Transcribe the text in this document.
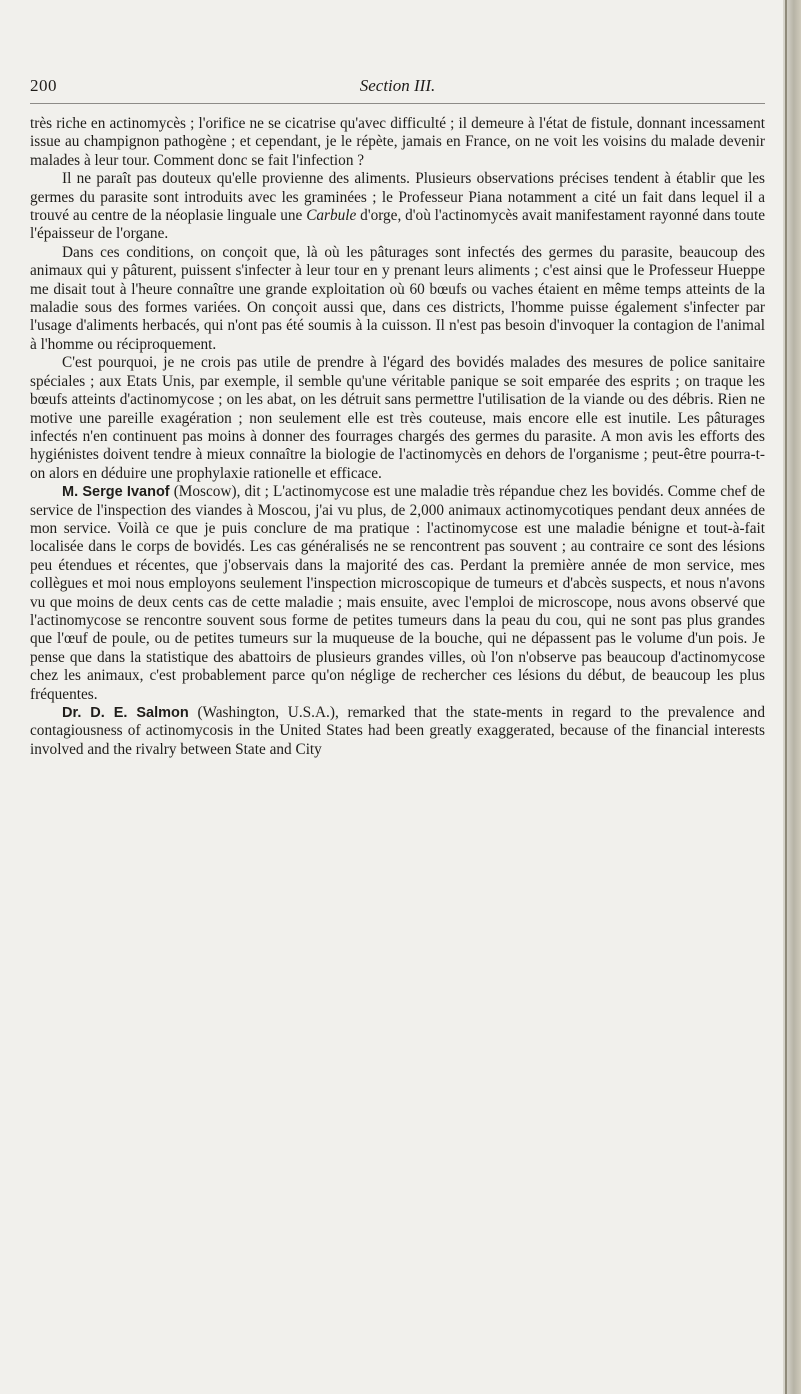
200	Section III.

très riche en actinomycès ; l'orifice ne se cicatrise qu'avec difficulté ; il demeure à l'état de fistule, donnant incessament issue au champignon pathogène ; et cependant, je le répète, jamais en France, on ne voit les voisins du malade devenir malades à leur tour. Comment donc se fait l'infection ?

Il ne paraît pas douteux qu'elle provienne des aliments. Plusieurs observations précises tendent à établir que les germes du parasite sont introduits avec les graminées ; le Professeur Piana notamment a cité un fait dans lequel il a trouvé au centre de la néoplasie linguale une Carbule d'orge, d'où l'actinomycès avait manifestament rayonné dans toute l'épaisseur de l'organe.

Dans ces conditions, on conçoit que, là où les pâturages sont infectés des germes du parasite, beaucoup des animaux qui y pâturent, puissent s'infecter à leur tour en y prenant leurs aliments ; c'est ainsi que le Professeur Hueppe me disait tout à l'heure connaître une grande exploitation où 60 bœufs ou vaches étaient en même temps atteints de la maladie sous des formes variées. On conçoit aussi que, dans ces districts, l'homme puisse également s'infecter par l'usage d'aliments herbacés, qui n'ont pas été soumis à la cuisson. Il n'est pas besoin d'invoquer la contagion de l'animal à l'homme ou réciproquement.

C'est pourquoi, je ne crois pas utile de prendre à l'égard des bovidés malades des mesures de police sanitaire spéciales ; aux Etats Unis, par exemple, il semble qu'une véritable panique se soit emparée des esprits ; on traque les bœufs atteints d'actinomycose ; on les abat, on les détruit sans permettre l'utilisation de la viande ou des débris. Rien ne motive une pareille exagération ; non seulement elle est très couteuse, mais encore elle est inutile. Les pâturages infectés n'en continuent pas moins à donner des fourrages chargés des germes du parasite. A mon avis les efforts des hygiénistes doivent tendre à mieux connaître la biologie de l'actinomycès en dehors de l'organisme ; peut-être pourra-t-on alors en déduire une prophylaxie rationelle et efficace.

M. Serge Ivanof (Moscow), dit ; L'actinomycose est une maladie très répandue chez les bovidés. Comme chef de service de l'inspection des viandes à Moscou, j'ai vu plus, de 2,000 animaux actinomycotiques pendant deux années de mon service. Voilà ce que je puis conclure de ma pratique : l'actinomycose est une maladie bénigne et tout-à-fait localisée dans le corps de bovidés. Les cas généralisés ne se rencontrent pas souvent ; au contraire ce sont des lésions peu étendues et récentes, que j'observais dans la majorité des cas. Perdant la première année de mon service, mes collègues et moi nous employons seulement l'inspection microscopique de tumeurs et d'abcès suspects, et nous n'avons vu que moins de deux cents cas de cette maladie ; mais ensuite, avec l'emploi de microscope, nous avons observé que l'actinomycose se rencontre souvent sous forme de petites tumeurs dans la peau du cou, qui ne sont pas plus grandes que l'œuf de poule, ou de petites tumeurs sur la muqueuse de la bouche, qui ne dépassent pas le volume d'un pois. Je pense que dans la statistique des abattoirs de plusieurs grandes villes, où l'on n'observe pas beaucoup d'actinomycose chez les animaux, c'est probablement parce qu'on néglige de rechercher ces lésions du début, de beaucoup les plus fréquentes.

Dr. D. E. Salmon (Washington, U.S.A.), remarked that the state-ments in regard to the prevalence and contagiousness of actinomycosis in the United States had been greatly exaggerated, because of the financial interests involved and the rivalry between State and City
